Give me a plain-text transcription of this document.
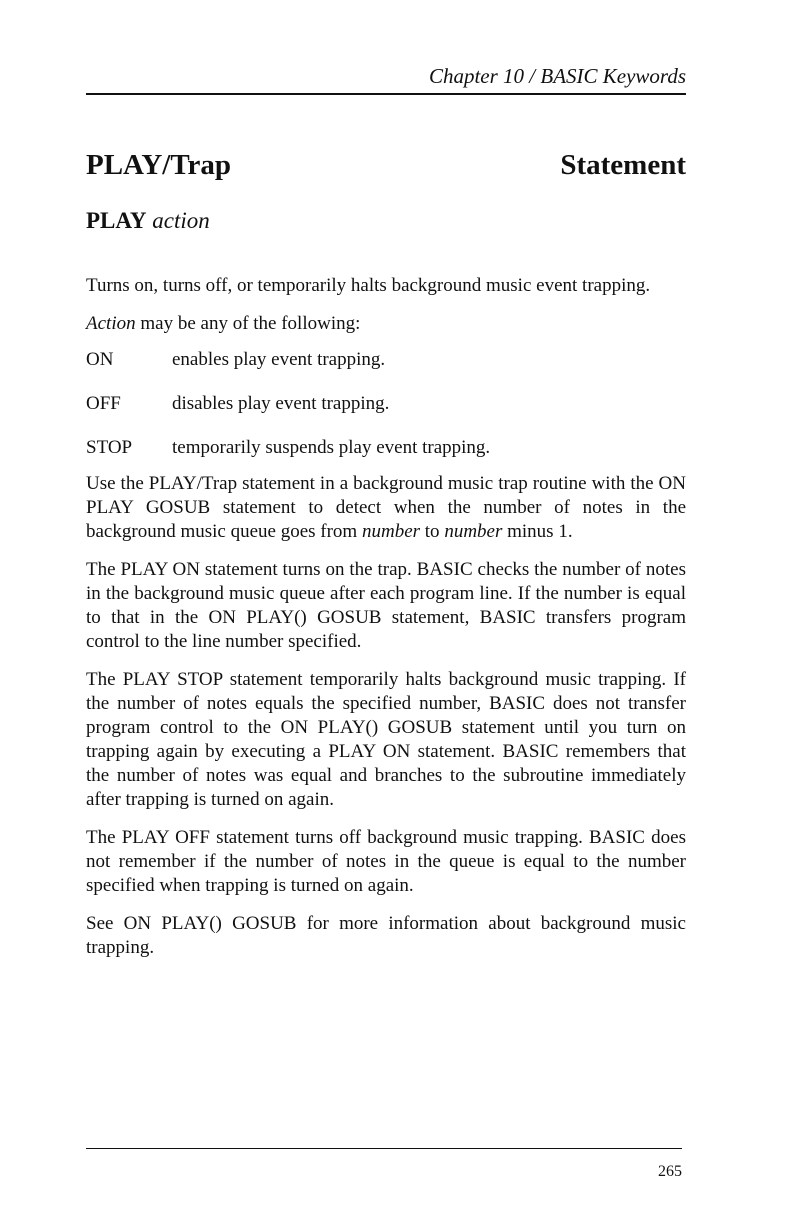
Chapter 10 / BASIC Keywords
PLAY/Trap	Statement
PLAY action

Turns on, turns off, or temporarily halts background music event trapping.

Action may be any of the following:

ON	enables play event trapping.
OFF	disables play event trapping.
STOP	temporarily suspends play event trapping.

Use the PLAY/Trap statement in a background music trap routine with the ON PLAY GOSUB statement to detect when the number of notes in the background music queue goes from number to number minus 1.

The PLAY ON statement turns on the trap. BASIC checks the number of notes in the background music queue after each program line. If the number is equal to that in the ON PLAY() GOSUB statement, BASIC transfers program control to the line number specified.

The PLAY STOP statement temporarily halts background music trapping. If the number of notes equals the specified number, BASIC does not transfer program control to the ON PLAY() GOSUB statement until you turn on trapping again by executing a PLAY ON statement. BASIC remembers that the number of notes was equal and branches to the subroutine immediately after trapping is turned on again.

The PLAY OFF statement turns off background music trapping. BASIC does not remember if the number of notes in the queue is equal to the number specified when trapping is turned on again.

See ON PLAY() GOSUB for more information about background music trapping.

265
